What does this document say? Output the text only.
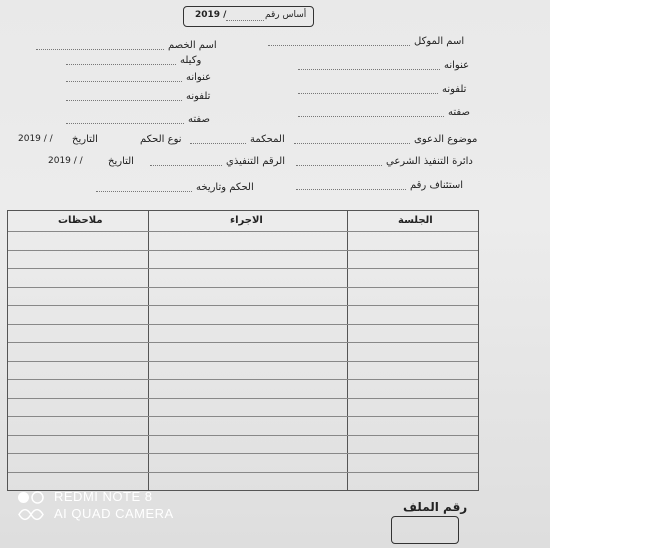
أساس رقم
2019 /
اسم الموكل
عنوانه
تلفونه
صفته
اسم الخصم
وكيله
عنوانه
تلفونه
صفته
موضوع الدعوى
المحكمة
نوع الحكم
التاريخ
2019 / /
دائرة التنفيذ الشرعي
الرقم التنفيذي
التاريخ
2019 / /
استئناف رقم
الحكم وتاريخه
الجلسة
الاجراء
ملاحظات
رقم الملف
REDMI NOTE 8
AI QUAD CAMERA
